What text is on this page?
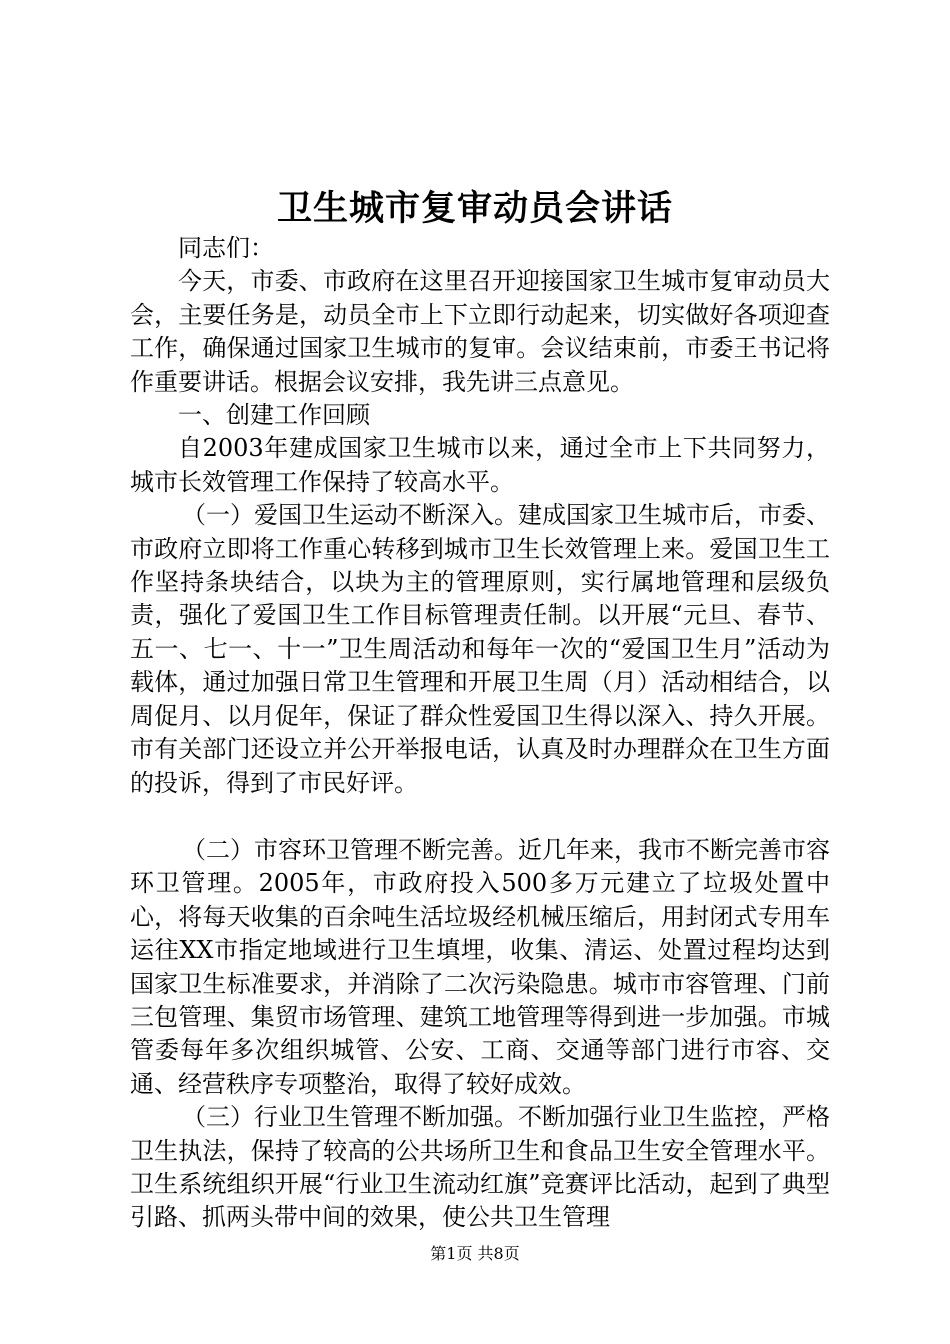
卫生城市复审动员会讲话

同志们：

今天，市委、市政府在这里召开迎接国家卫生城市复审动员大会，主要任务是，动员全市上下立即行动起来，切实做好各项迎查工作，确保通过国家卫生城市的复审。会议结束前，市委王书记将作重要讲话。根据会议安排，我先讲三点意见。

一、创建工作回顾

自2003年建成国家卫生城市以来，通过全市上下共同努力，城市长效管理工作保持了较高水平。

（一）爱国卫生运动不断深入。建成国家卫生城市后，市委、市政府立即将工作重心转移到城市卫生长效管理上来。爱国卫生工作坚持条块结合，以块为主的管理原则，实行属地管理和层级负责，强化了爱国卫生工作目标管理责任制。以开展“元旦、春节、五一、七一、十一”卫生周活动和每年一次的“爱国卫生月”活动为载体，通过加强日常卫生管理和开展卫生周（月）活动相结合，以周促月、以月促年，保证了群众性爱国卫生得以深入、持久开展。市有关部门还设立并公开举报电话，认真及时办理群众在卫生方面的投诉，得到了市民好评。

（二）市容环卫管理不断完善。近几年来，我市不断完善市容环卫管理。2005年，市政府投入500多万元建立了垃圾处置中心，将每天收集的百余吨生活垃圾经机械压缩后，用封闭式专用车运往XX市指定地域进行卫生填埋，收集、清运、处置过程均达到国家卫生标准要求，并消除了二次污染隐患。城市市容管理、门前三包管理、集贸市场管理、建筑工地管理等得到进一步加强。市城管委每年多次组织城管、公安、工商、交通等部门进行市容、交通、经营秩序专项整治，取得了较好成效。

（三）行业卫生管理不断加强。不断加强行业卫生监控，严格卫生执法，保持了较高的公共场所卫生和食品卫生安全管理水平。卫生系统组织开展“行业卫生流动红旗”竞赛评比活动，起到了典型引路、抓两头带中间的效果，使公共卫生管理

第1页 共8页
